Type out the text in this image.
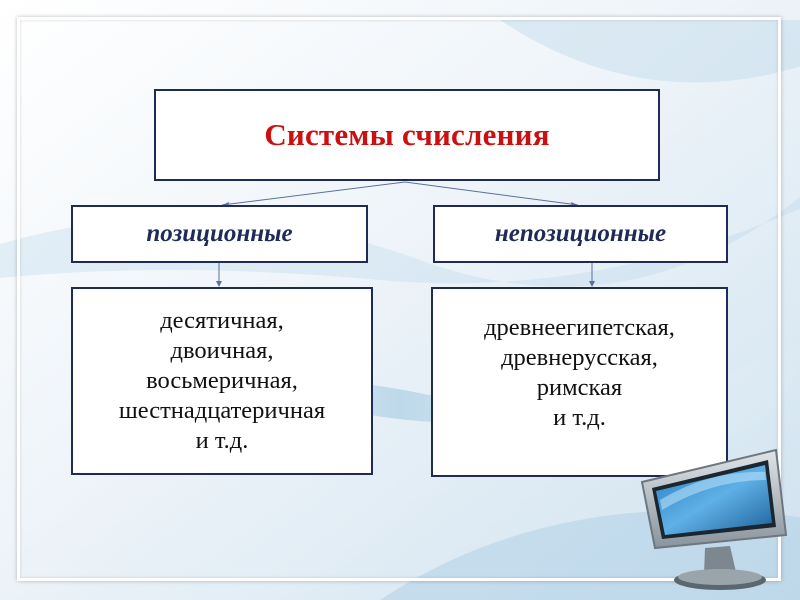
Системы счисления
позиционные	непозиционные
десятичная,
двоичная,
восьмеричная,
шестнадцатеричная
и т.д.
древнеегипетская,
древнерусская,
римская
и т.д.
